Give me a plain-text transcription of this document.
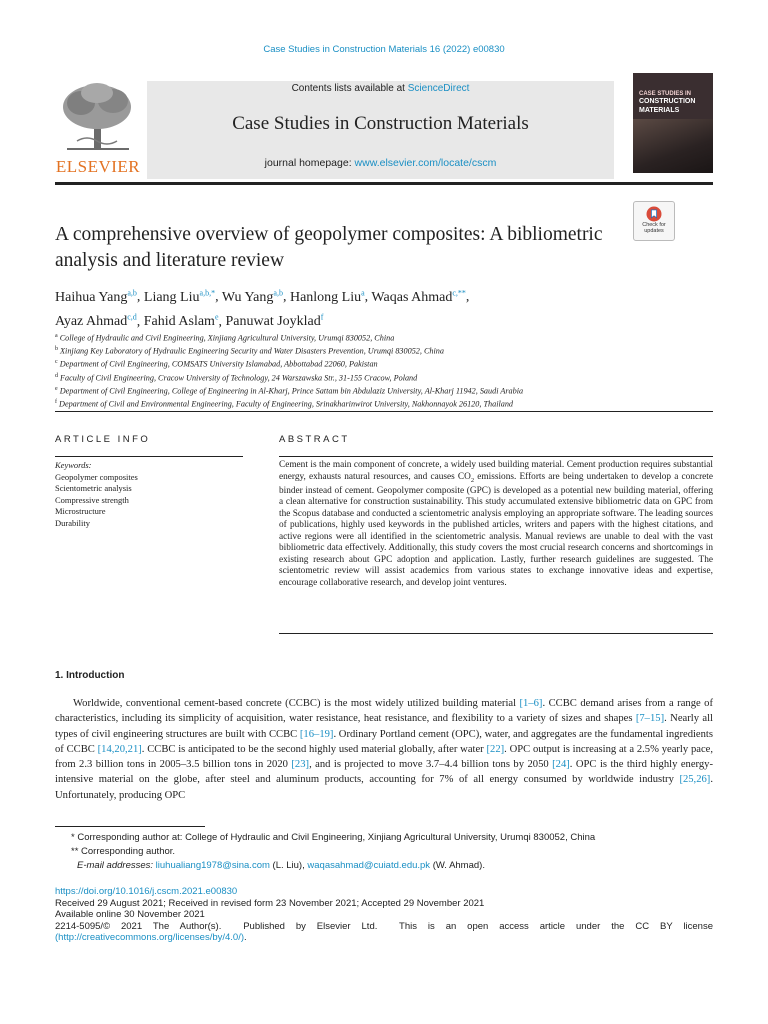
Case Studies in Construction Materials 16 (2022) e00830
ELSEVIER
Contents lists available at ScienceDirect
Case Studies in Construction Materials
journal homepage: www.elsevier.com/locate/cscm
CASE STUDIES IN

CONSTRUCTION MATERIALS
Check for
updates
A comprehensive overview of geopolymer composites: A bibliometric analysis and literature review
Haihua Yang$^{a,b}$, Liang Liu$^{a,b,*}$, Wu Yang$^{a,b}$, Hanlong Liu$^a$, Waqas Ahmad$^{c,**}$,
Ayaz Ahmad$^{c,d}$, Fahid Aslam$^e$, Panuwat Joyklad$^f$
$^a$ College of Hydraulic and Civil Engineering, Xinjiang Agricultural University, Urumqi 830052, China
$^b$ Xinjiang Key Laboratory of Hydraulic Engineering Security and Water Disasters Prevention, Urumqi 830052, China
$^c$ Department of Civil Engineering, COMSATS University Islamabad, Abbottabad 22060, Pakistan
$^d$ Faculty of Civil Engineering, Cracow University of Technology, 24 Warszawska Str., 31-155 Cracow, Poland
$^e$ Department of Civil Engineering, College of Engineering in Al-Kharj, Prince Sattam bin Abdulaziz University, Al-Kharj 11942, Saudi Arabia
$^f$ Department of Civil and Environmental Engineering, Faculty of Engineering, Srinakharinwirot University, Nakhonnayok 26120, Thailand
ARTICLE INFO	ABSTRACT
Keywords:
Geopolymer composites
Scientometric analysis
Compressive strength
Microstructure
Durability
Cement is the main component of concrete, a widely used building material. Cement production requires substantial energy, exhausts natural resources, and causes $CO_2$ emissions. Efforts are being undertaken to develop a concrete binder instead of cement. Geopolymer composite (GPC) is developed as a potential new building material, offering a clean alternative for construction sustainability. This study accumulated extensive bibliometric data on GPC from the Scopus database and conducted a scientometric analysis employing an appropriate software. The leading sources of publications, highly used keywords in the published articles, writers and papers with the highest citations, and active regions were all identified in the scientometric analysis. Manual reviews are unable to deal with the vast bibliometric data effectively. Additionally, this study covers the most crucial research concerns and shortcomings in existing research about GPC adoption and application. Lastly, further research guidelines are suggested. The scientometric review will assist academics from various states to exchange innovative ideas and expertise, encourage collaborative research, and develop joint ventures.
1. Introduction
Worldwide, conventional cement-based concrete (CCBC) is the most widely utilized building material [1–6]. CCBC demand arises from a range of characteristics, including its simplicity of acquisition, water resistance, heat resistance, and flexibility to a variety of sizes and shapes [7–15]. Nearly all types of civil engineering structures are built with CCBC [16–19]. Ordinary Portland cement (OPC), water, and aggregates are the fundamental ingredients of CCBC [14,20,21]. CCBC is anticipated to be the second highly used material globally, after water [22]. OPC output is increasing at a 2.5% yearly pace, from 2.3 billion tons in 2005–3.5 billion tons in 2020 [23], and is projected to move 3.7–4.4 billion tons by 2050 [24]. OPC is the third highly energy-intensive material on the globe, after steel and aluminum products, accounting for 7% of all energy consumed by worldwide industry [25,26]. Unfortunately, producing OPC
* Corresponding author at: College of Hydraulic and Civil Engineering, Xinjiang Agricultural University, Urumqi 830052, China
** Corresponding author.
E-mail addresses: liuhualiang1978@sina.com (L. Liu), waqasahmad@cuiatd.edu.pk (W. Ahmad).
https://doi.org/10.1016/j.cscm.2021.e00830
Received 29 August 2021; Received in revised form 23 November 2021; Accepted 29 November 2021
Available online 30 November 2021
2214-5095/©  2021  The  Author(s).    Published  by  Elsevier  Ltd.    This  is  an  open  access  article  under  the  CC  BY  license
(http://creativecommons.org/licenses/by/4.0/).
